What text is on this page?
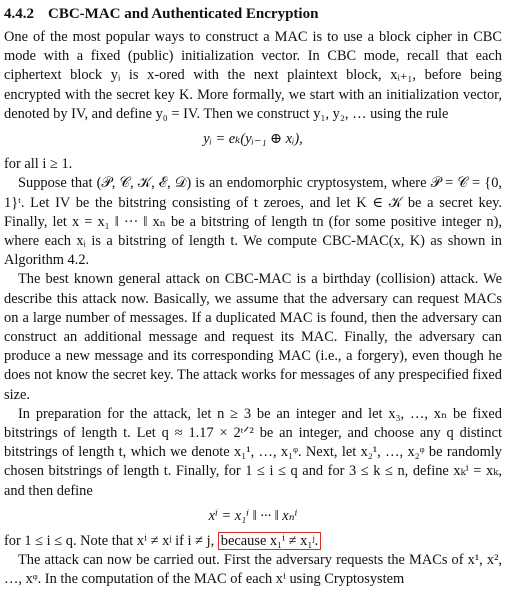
4.4.2 CBC-MAC and Authenticated Encryption

One of the most popular ways to construct a MAC is to use a block cipher in CBC mode with a fixed (public) initialization vector. In CBC mode, recall that each ciphertext block yᵢ is x-ored with the next plaintext block, xᵢ₊₁, before being encrypted with the secret key K. More formally, we start with an initialization vector, denoted by IV, and define y₀ = IV. Then we construct y₁, y₂, … using the rule

yᵢ = eₖ(yᵢ₋₁ ⊕ xᵢ),

for all i ≥ 1.

Suppose that (𝒫, 𝒞, 𝒦, ℰ, 𝒟) is an endomorphic cryptosystem, where 𝒫 = 𝒞 = {0, 1}ᵗ. Let IV be the bitstring consisting of t zeroes, and let K ∈ 𝒦 be a secret key. Finally, let x = x₁ ‖ ··· ‖ xₙ be a bitstring of length tn (for some positive integer n), where each xᵢ is a bitstring of length t. We compute CBC-MAC(x, K) as shown in Algorithm 4.2.

The best known general attack on CBC-MAC is a birthday (collision) attack. We describe this attack now. Basically, we assume that the adversary can request MACs on a large number of messages. If a duplicated MAC is found, then the adversary can construct an additional message and request its MAC. Finally, the adversary can produce a new message and its corresponding MAC (i.e., a forgery), even though he does not know the secret key. The attack works for messages of any prespecified fixed size.

In preparation for the attack, let n ≥ 3 be an integer and let x₃, …, xₙ be fixed bitstrings of length t. Let q ≈ 1.17 × 2ᵗᐟ² be an integer, and choose any q distinct bitstrings of length t, which we denote x₁¹, …, x₁ᵠ. Next, let x₂¹, …, x₂ᵠ be randomly chosen bitstrings of length t. Finally, for 1 ≤ i ≤ q and for 3 ≤ k ≤ n, define xₖⁱ = xₖ, and then define

xⁱ = x₁ⁱ ‖ ··· ‖ xₙⁱ

for 1 ≤ i ≤ q. Note that xⁱ ≠ xʲ if i ≠ j, because x₁ⁱ ≠ x₁ʲ.

The attack can now be carried out. First the adversary requests the MACs of x¹, x², …, xᵠ. In the computation of the MAC of each xⁱ using Cryptosystem
